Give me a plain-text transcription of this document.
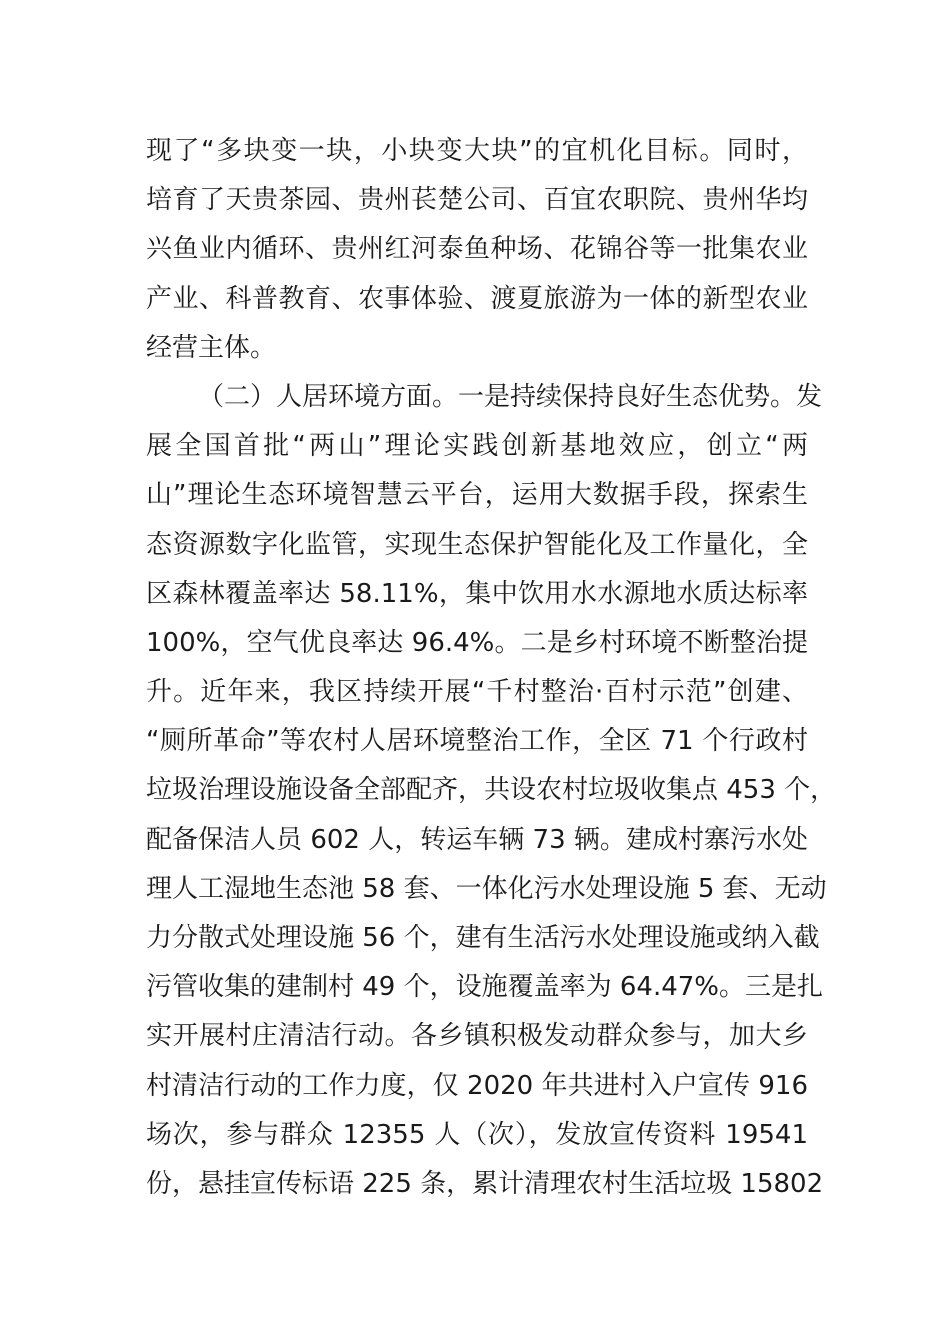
现了“多块变一块，小块变大块”的宜机化目标。同时，
培育了天贵茶园、贵州苌楚公司、百宜农职院、贵州华均
兴鱼业内循环、贵州红河泰鱼种场、花锦谷等一批集农业
产业、科普教育、农事体验、渡夏旅游为一体的新型农业
经营主体。
（二）人居环境方面。一是持续保持良好生态优势。发
展全国首批“两山”理论实践创新基地效应，创立“两
山”理论生态环境智慧云平台，运用大数据手段，探索生
态资源数字化监管，实现生态保护智能化及工作量化，全
区森林覆盖率达 58.11%，集中饮用水水源地水质达标率
100%，空气优良率达 96.4%。二是乡村环境不断整治提
升。近年来，我区持续开展“千村整治·百村示范”创建、
“厕所革命”等农村人居环境整治工作，全区 71 个行政村
垃圾治理设施设备全部配齐，共设农村垃圾收集点 453 个，
配备保洁人员 602 人，转运车辆 73 辆。建成村寨污水处
理人工湿地生态池 58 套、一体化污水处理设施 5 套、无动
力分散式处理设施 56 个，建有生活污水处理设施或纳入截
污管收集的建制村 49 个，设施覆盖率为 64.47%。三是扎
实开展村庄清洁行动。各乡镇积极发动群众参与，加大乡
村清洁行动的工作力度，仅 2020 年共进村入户宣传 916
场次，参与群众 12355 人（次），发放宣传资料 19541
份，悬挂宣传标语 225 条，累计清理农村生活垃圾 15802
